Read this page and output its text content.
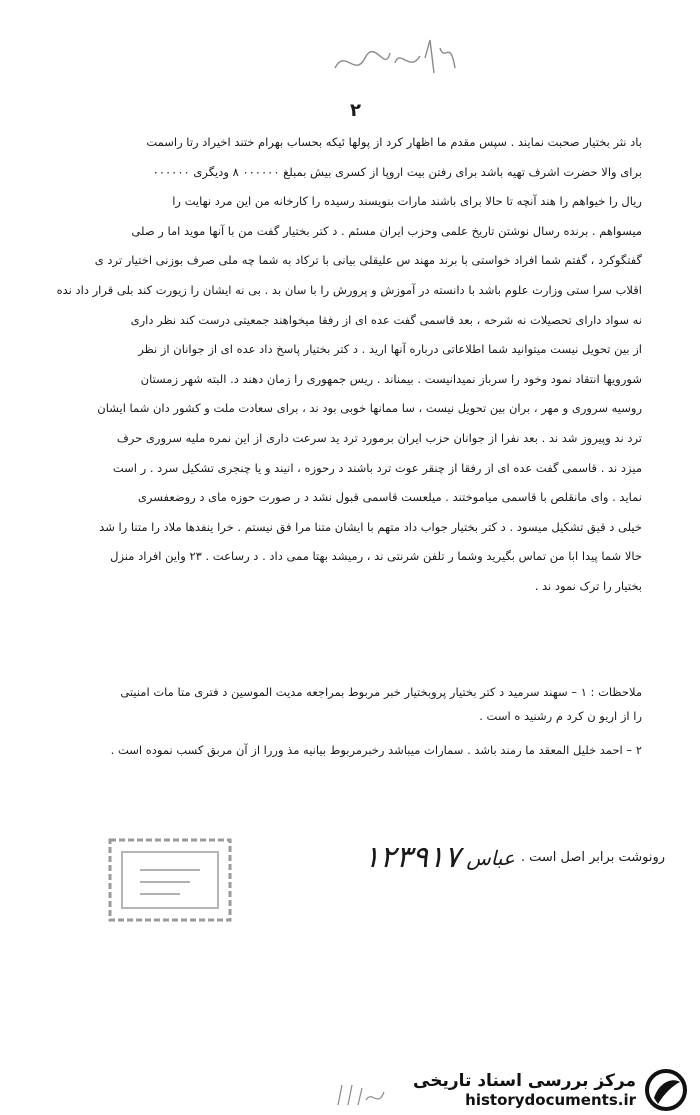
۲
باد نثر بختیار صحبت نمایند . سپس مقدم ما اظهار کرد از پولها ئیکه بحساب بهرام ختند اخیراد رتا راسمت
برای والا حضرت اشرف تهیه باشد برای رفتن بیت اروپا از کسری بیش بمبلغ ۰۰۰۰۰۰ ۸ ودیگری ۰۰۰۰۰۰
ریال را خیواهم را هند آنچه تا حالا برای باشند مارات بنویسند رسیده را کارخانه من این مرد نهایت را
میسواهم . برنده رسال نوشتن تاریخ علمی وحزب ایران مسئم . د کتر بختیار گفت من با آنها موید اما ر صلی
گفتگوکرد ، گفتم شما افراد خواستی با برند مهند س علیقلی بیانی با ترکاد به شما چه ملی صرف بوزنی اختیار ترد ی
اقلاب سرا ستی وزارت علوم باشد با دانسته در آموزش و پرورش را با سان بد . بی نه ایشان را زیورت کند بلی قرار داد نده
نه سواد دارای تحصیلات نه شرحه ، بعد قاسمی گفت عده ای از رفقا میخواهند جمعیتی درست کند نظر داری
از بین تحویل نیست میتوانید شما اطلاعاتی درباره آنها ارید . د کتر بختیار پاسخ داد عده ای از جوانان از نظر
شورویها انتقاد نمود وخود را سرباز نمیدانیست . بیمناند . ریس جمهوری را زمان دهند د. البته شهر زمستان
روسیه سروری و مهر ، بران بین تحویل نیست ، سا ممانها خوبی بود ند ، برای سعادت ملت و کشور دان شما ایشان
ترد ند وپیروز شد ند . بعد نفرا از جوانان حزب ایران برمورد ترد ید سرعت داری از این نمره ملیه سروری حرف
میزد ند . قاسمی گفت عده ای از رفقا از چنقر عوت ترد باشند د رحوزه ، انیند و یا چنجری تشکیل سرد . ر است
نماید . وای مانقلص با قاسمی میاموختند . میلعست قاسمی قبول نشد د ر صورت حوزه مای د روضعفسری
خیلی د قیق تشکیل میسود . د کتر بختیار جواب داد متهم با ایشان متنا مرا فق نیستم . خرا ینفدها ملاد را متنا را شد
حالا شما پیدا ابا من تماس بگیرید وشما ر تلفن شرنتی ند ، رمیشد بهتا ممی داد . د رساعت . ۲۳ واین افراد منزل
بختیار را ترک نمود ند .
ملاحظات : ۱ – سهند سرمید د کتر بختیار پروبختیار خبر مربوط بمراجعه مدیت الموسین د فتری متا مات امنیتی
را از اریو ن کرد م رشنید ه است .
۲ – احمد خلیل المعقد ما رمند باشد . سمارات میباشد رخبرمربوط بیانیه مذ وررا از آن مربق کسب نموده است .
faint rectangular stamp
رونوشت برابر اصل است .
عباس
۱۲۳۹۱۷
مرکز بررسی اسناد تاریخی
historydocuments.ir
